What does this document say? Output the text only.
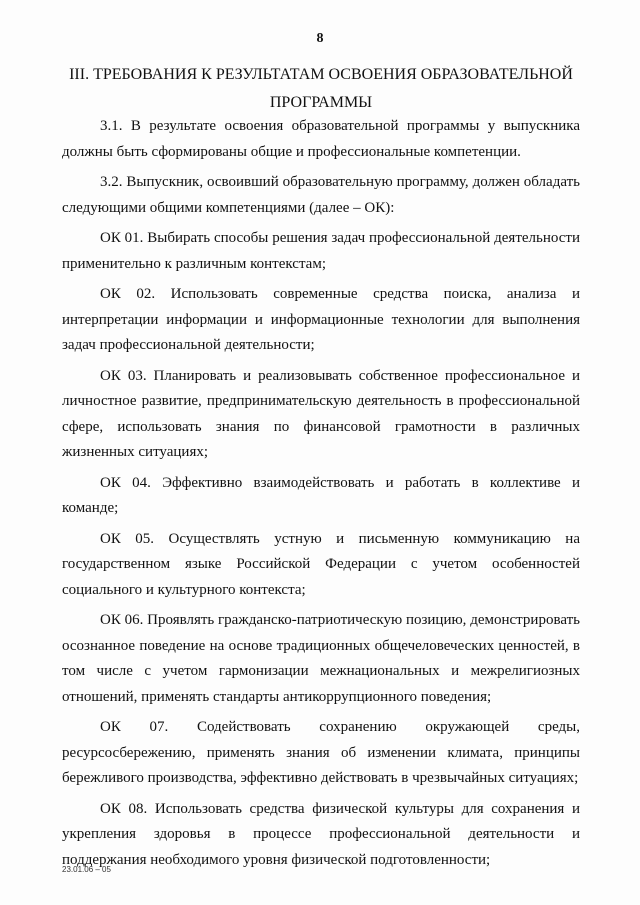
8
III. ТРЕБОВАНИЯ К РЕЗУЛЬТАТАМ ОСВОЕНИЯ ОБРАЗОВАТЕЛЬНОЙ ПРОГРАММЫ

3.1. В результате освоения образовательной программы у выпускника должны быть сформированы общие и профессиональные компетенции.

3.2. Выпускник, освоивший образовательную программу, должен обладать следующими общими компетенциями (далее – ОК):

ОК 01. Выбирать способы решения задач профессиональной деятельности применительно к различным контекстам;

ОК 02. Использовать современные средства поиска, анализа и интерпретации информации и информационные технологии для выполнения задач профессиональной деятельности;

ОК 03. Планировать и реализовывать собственное профессиональное и личностное развитие, предпринимательскую деятельность в профессиональной сфере, использовать знания по финансовой грамотности в различных жизненных ситуациях;

ОК 04. Эффективно взаимодействовать и работать в коллективе и команде;

ОК 05. Осуществлять устную и письменную коммуникацию на государственном языке Российской Федерации с учетом особенностей социального и культурного контекста;

ОК 06. Проявлять гражданско-патриотическую позицию, демонстрировать осознанное поведение на основе традиционных общечеловеческих ценностей, в том числе с учетом гармонизации межнациональных и межрелигиозных отношений, применять стандарты антикоррупционного поведения;

ОК 07. Содействовать сохранению окружающей среды, ресурсосбережению, применять знания об изменении климата, принципы бережливого производства, эффективно действовать в чрезвычайных ситуациях;

ОК 08. Использовать средства физической культуры для сохранения и укрепления здоровья в процессе профессиональной деятельности и поддержания необходимого уровня физической подготовленности;

23.01.06 – 05
